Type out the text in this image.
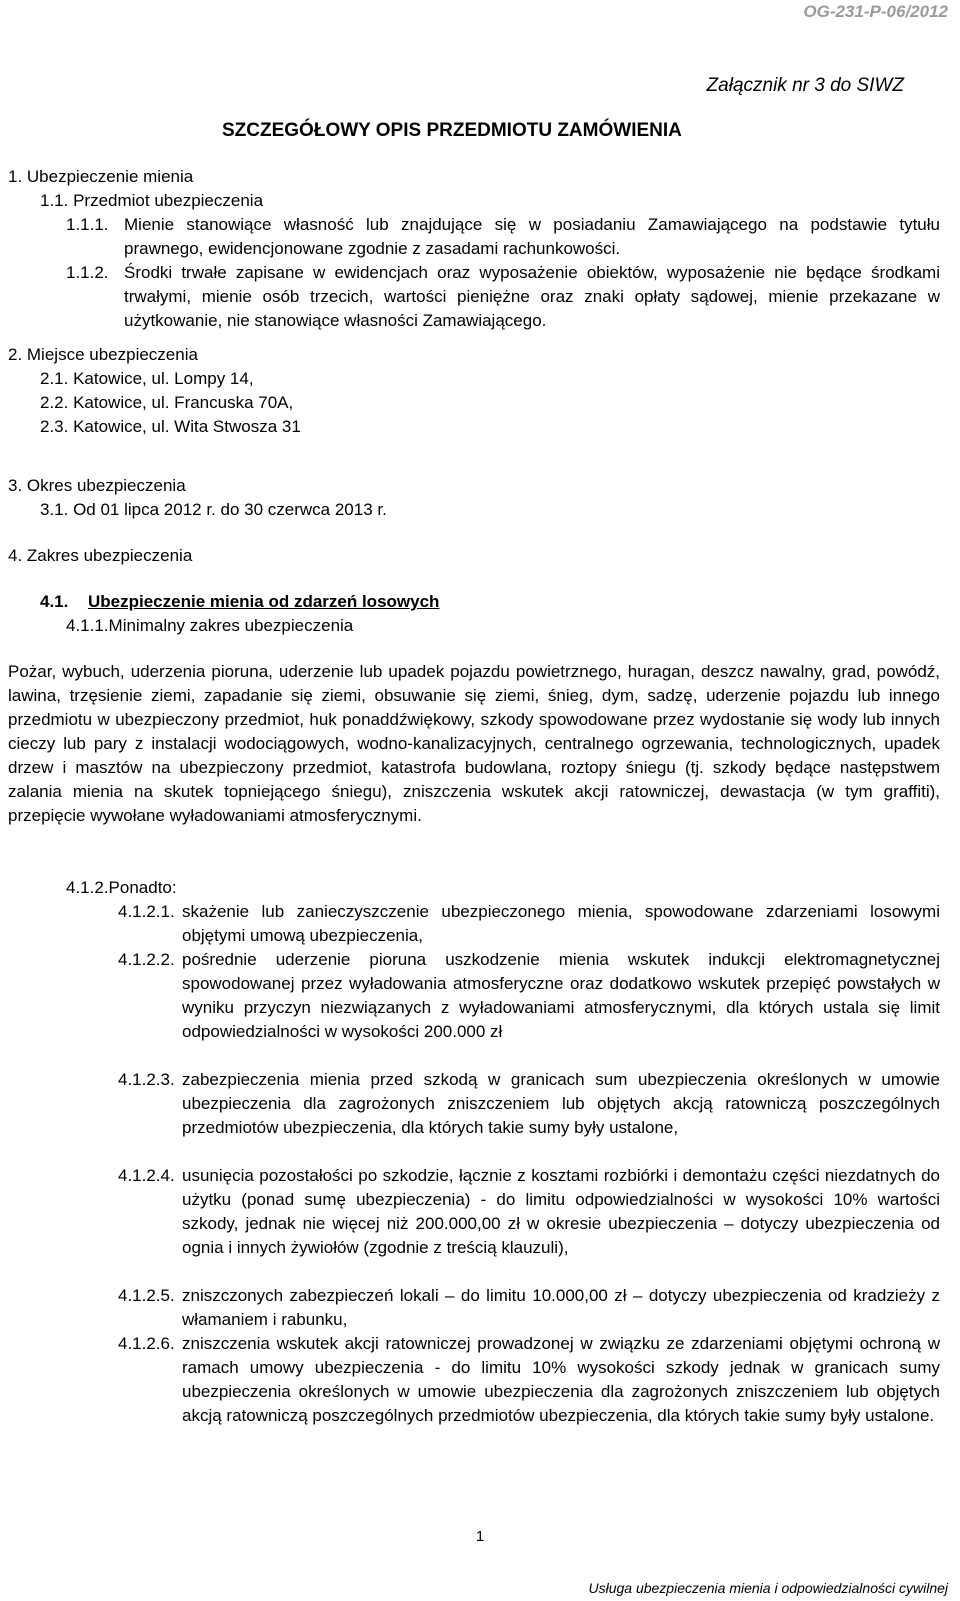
OG-231-P-06/2012
Załącznik nr 3 do SIWZ
SZCZEGÓŁOWY OPIS PRZEDMIOTU ZAMÓWIENIA
1. Ubezpieczenie mienia
1.1. Przedmiot ubezpieczenia
1.1.1. Mienie stanowiące własność lub znajdujące się w posiadaniu Zamawiającego na podstawie tytułu prawnego, ewidencjonowane zgodnie z zasadami rachunkowości.
1.1.2. Środki trwałe zapisane w ewidencjach oraz wyposażenie obiektów, wyposażenie nie będące środkami trwałymi, mienie osób trzecich, wartości pieniężne oraz znaki opłaty sądowej, mienie przekazane w użytkowanie, nie stanowiące własności Zamawiającego.
2. Miejsce ubezpieczenia
2.1. Katowice, ul. Lompy 14,
2.2. Katowice, ul. Francuska 70A,
2.3. Katowice, ul. Wita Stwosza 31
3. Okres ubezpieczenia
3.1. Od 01 lipca 2012 r. do 30 czerwca 2013 r.
4. Zakres ubezpieczenia
4.1. Ubezpieczenie mienia od zdarzeń losowych
4.1.1.Minimalny zakres ubezpieczenia
Pożar, wybuch, uderzenia pioruna, uderzenie lub upadek pojazdu powietrznego, huragan, deszcz nawalny, grad, powódź, lawina, trzęsienie ziemi, zapadanie się ziemi, obsuwanie się ziemi, śnieg, dym, sadzę, uderzenie pojazdu lub innego przedmiotu w ubezpieczony przedmiot, huk ponaddźwiękowy, szkody spowodowane przez wydostanie się wody lub innych cieczy lub pary z instalacji wodociągowych, wodno-kanalizacyjnych, centralnego ogrzewania, technologicznych, upadek drzew i masztów na ubezpieczony przedmiot, katastrofa budowlana, roztopy śniegu (tj. szkody będące następstwem zalania mienia na skutek topniejącego śniegu), zniszczenia wskutek akcji ratowniczej, dewastacja (w tym graffiti), przepięcie wywołane wyładowaniami atmosferycznymi.
4.1.2.Ponadto:
4.1.2.1. skażenie lub zanieczyszczenie ubezpieczonego mienia, spowodowane zdarzeniami losowymi objętymi umową ubezpieczenia,
4.1.2.2. pośrednie uderzenie pioruna uszkodzenie mienia wskutek indukcji elektromagnetycznej spowodowanej przez wyładowania atmosferyczne oraz dodatkowo wskutek przepięć powstałych w wyniku przyczyn niezwiązanych z wyładowaniami atmosferycznymi, dla których ustala się limit odpowiedzialności w wysokości 200.000 zł
4.1.2.3. zabezpieczenia mienia przed szkodą w granicach sum ubezpieczenia określonych w umowie ubezpieczenia dla zagrożonych zniszczeniem lub objętych akcją ratowniczą poszczególnych przedmiotów ubezpieczenia, dla których takie sumy były ustalone,
4.1.2.4. usunięcia pozostałości po szkodzie, łącznie z kosztami rozbiórki i demontażu części niezdatnych do użytku (ponad sumę ubezpieczenia) - do limitu odpowiedzialności w wysokości 10% wartości szkody, jednak nie więcej niż 200.000,00 zł w okresie ubezpieczenia – dotyczy ubezpieczenia od ognia i innych żywiołów (zgodnie z treścią klauzuli),
4.1.2.5. zniszczonych zabezpieczeń lokali – do limitu 10.000,00 zł – dotyczy ubezpieczenia od kradzieży z włamaniem i rabunku,
4.1.2.6. zniszczenia wskutek akcji ratowniczej prowadzonej w związku ze zdarzeniami objętymi ochroną w ramach umowy ubezpieczenia - do limitu 10% wysokości szkody jednak w granicach sumy ubezpieczenia określonych w umowie ubezpieczenia dla zagrożonych zniszczeniem lub objętych akcją ratowniczą poszczególnych przedmiotów ubezpieczenia, dla których takie sumy były ustalone.
1
Usługa ubezpieczenia mienia i odpowiedzialności cywilnej
